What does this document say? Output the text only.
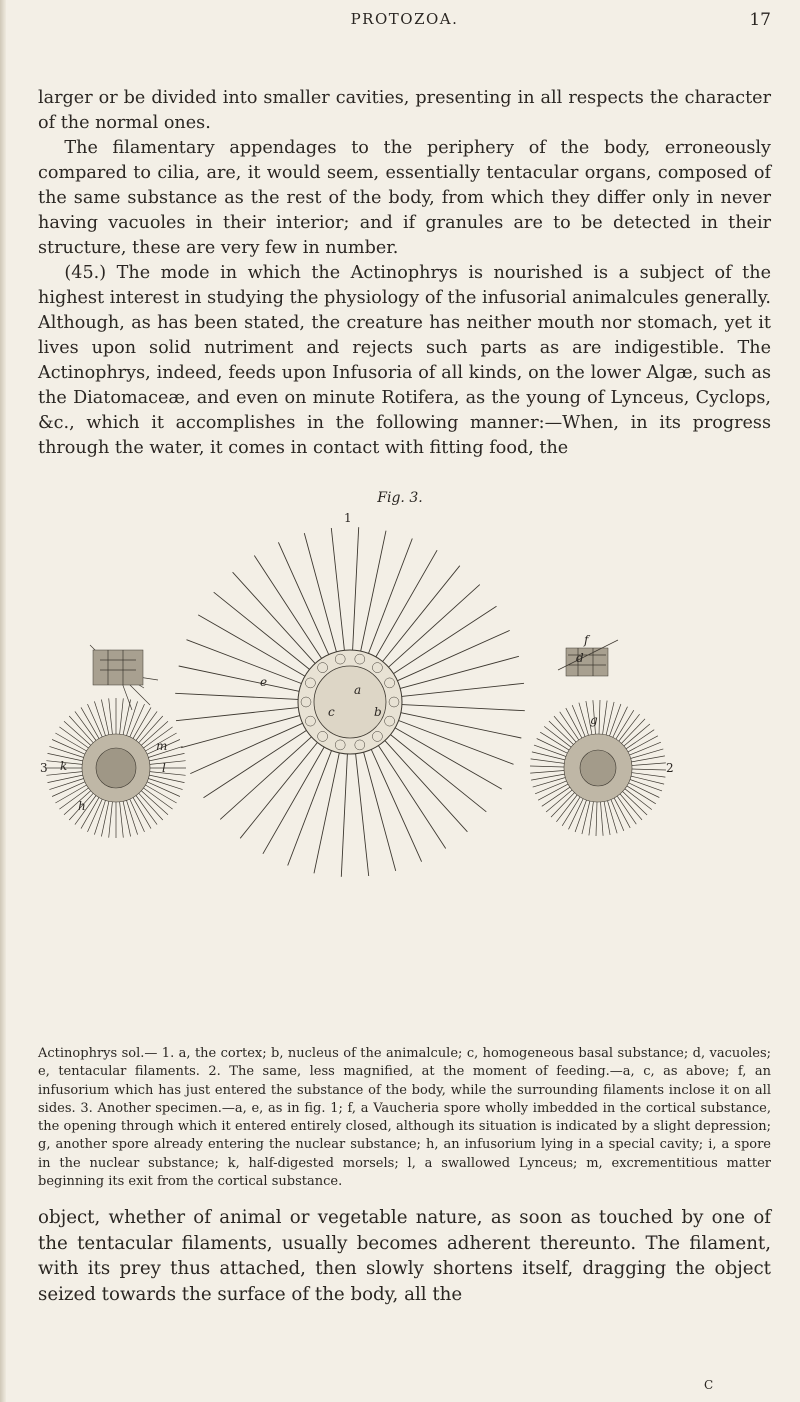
PROTOZOA.	17

larger or be divided into smaller cavities, presenting in all respects the character of the normal ones.

The filamentary appendages to the periphery of the body, erroneously compared to cilia, are, it would seem, essentially tentacular organs, composed of the same substance as the rest of the body, from which they differ only in never having vacuoles in their interior; and if granules are to be detected in their structure, these are very few in number.

(45.) The mode in which the Actinophrys is nourished is a subject of the highest interest in studying the physiology of the infusorial animalcules generally. Although, as has been stated, the creature has neither mouth nor stomach, yet it lives upon solid nutriment and rejects such parts as are indigestible. The Actinophrys, indeed, feeds upon Infusoria of all kinds, on the lower Algæ, such as the Diatomaceæ, and even on minute Rotifera, as the young of Lynceus, Cyclops, &c., which it accomplishes in the following manner:—When, in its progress through the water, it comes in contact with fitting food, the

Fig. 3.
1
3	2
a
b
c
d
e
f
g
h
k	l
m

Actinophrys sol.— 1. a, the cortex; b, nucleus of the animalcule; c, homogeneous basal substance; d, vacuoles; e, tentacular filaments. 2. The same, less magnified, at the moment of feeding.—a, c, as above; f, an infusorium which has just entered the substance of the body, while the surrounding filaments inclose it on all sides. 3. Another specimen.—a, e, as in fig. 1; f, a Vaucheria spore wholly imbedded in the cortical substance, the opening through which it entered entirely closed, although its situation is indicated by a slight depression; g, another spore already entering the nuclear substance; h, an infusorium lying in a special cavity; i, a spore in the nuclear substance; k, half-digested morsels; l, a swallowed Lynceus; m, excrementitious matter beginning its exit from the cortical substance.

object, whether of animal or vegetable nature, as soon as touched by one of the tentacular filaments, usually becomes adherent thereunto. The filament, with its prey thus attached, then slowly shortens itself, dragging the object seized towards the surface of the body, all the

C
